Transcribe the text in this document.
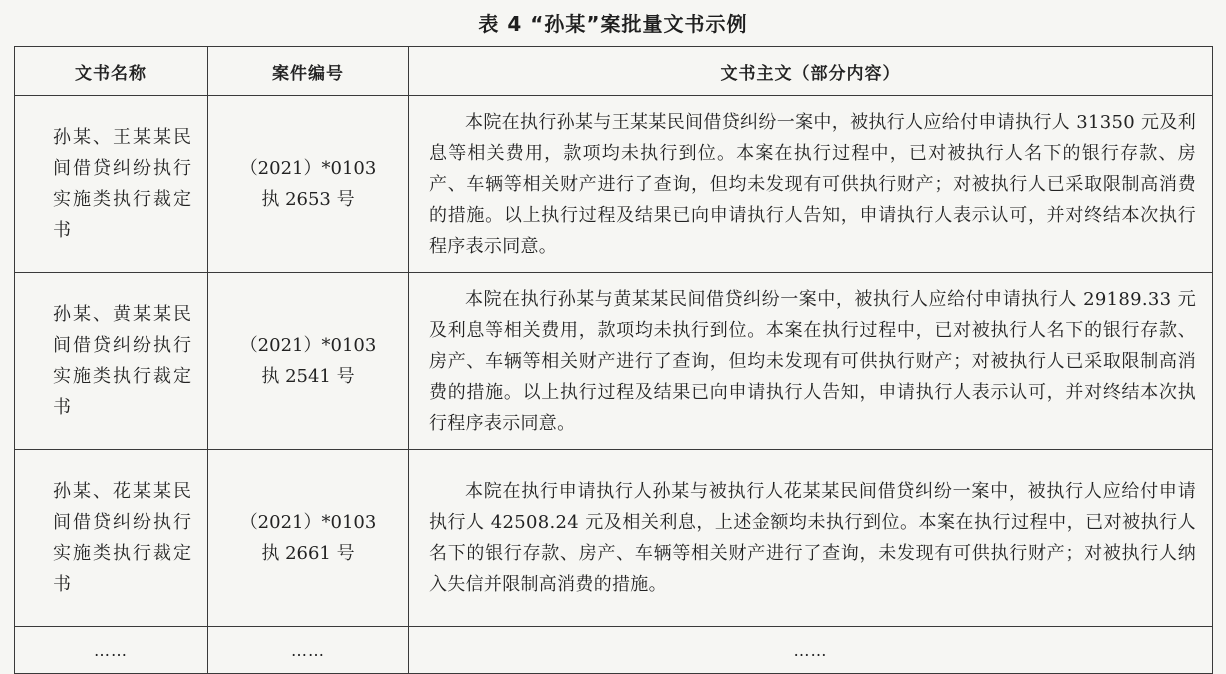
表 4 “孙某”案批量文书示例
文书名称	案件编号	文书主文（部分内容）
孙某、王某某民间借贷纠纷执行实施类执行裁定书	（2021）*0103 执 2653 号	本院在执行孙某与王某某民间借贷纠纷一案中，被执行人应给付申请执行人 31350 元及利息等相关费用，款项均未执行到位。本案在执行过程中，已对被执行人名下的银行存款、房产、车辆等相关财产进行了查询，但均未发现有可供执行财产；对被执行人已采取限制高消费的措施。以上执行过程及结果已向申请执行人告知，申请执行人表示认可，并对终结本次执行程序表示同意。
孙某、黄某某民间借贷纠纷执行实施类执行裁定书	（2021）*0103 执 2541 号	本院在执行孙某与黄某某民间借贷纠纷一案中，被执行人应给付申请执行人 29189.33 元及利息等相关费用，款项均未执行到位。本案在执行过程中，已对被执行人名下的银行存款、房产、车辆等相关财产进行了查询，但均未发现有可供执行财产；对被执行人已采取限制高消费的措施。以上执行过程及结果已向申请执行人告知，申请执行人表示认可，并对终结本次执行程序表示同意。
孙某、花某某民间借贷纠纷执行实施类执行裁定书	（2021）*0103 执 2661 号	本院在执行申请执行人孙某与被执行人花某某民间借贷纠纷一案中，被执行人应给付申请执行人 42508.24 元及相关利息，上述金额均未执行到位。本案在执行过程中，已对被执行人名下的银行存款、房产、车辆等相关财产进行了查询，未发现有可供执行财产；对被执行人纳入失信并限制高消费的措施。
……	……	……
